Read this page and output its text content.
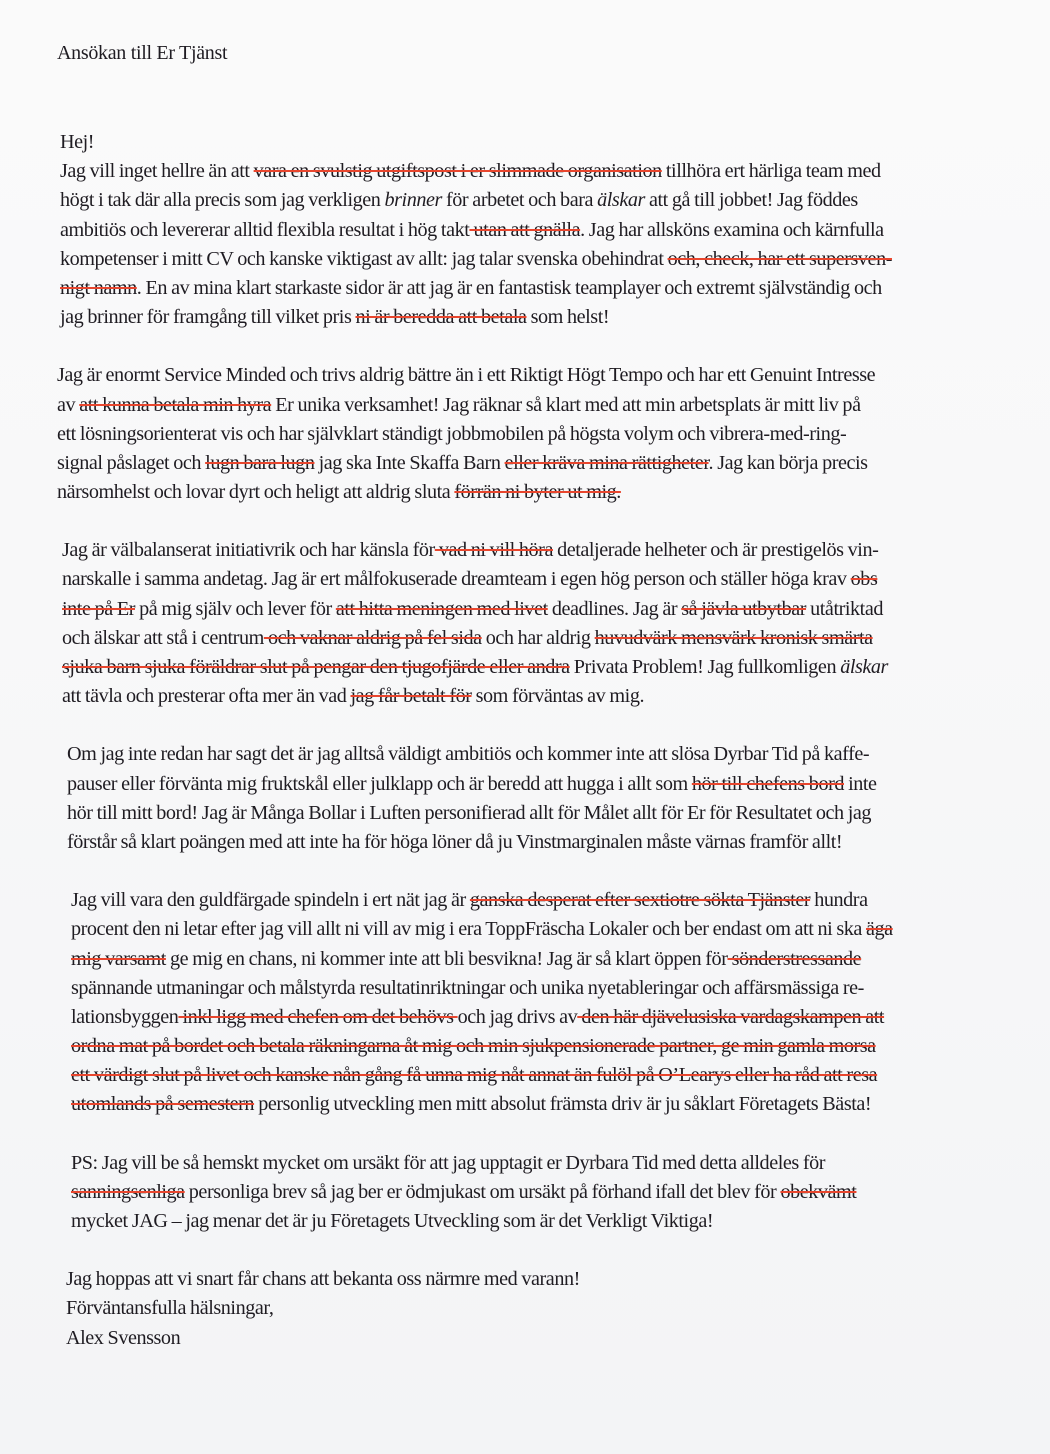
Ansökan till Er Tjänst
Hej!
Jag vill inget hellre än att vara en svulstig utgiftspost i er slimmade organisation tillhöra ert härliga team med
högt i tak där alla precis som jag verkligen brinner för arbetet och bara älskar att gå till jobbet! Jag föddes
ambitiös och levererar alltid flexibla resultat i hög takt utan att gnälla. Jag har allsköns examina och kärnfulla
kompetenser i mitt CV och kanske viktigast av allt: jag talar svenska obehindrat och, check, har ett supersven-
nigt namn. En av mina klart starkaste sidor är att jag är en fantastisk teamplayer och extremt självständig och
jag brinner för framgång till vilket pris ni är beredda att betala som helst!
Jag är enormt Service Minded och trivs aldrig bättre än i ett Riktigt Högt Tempo och har ett Genuint Intresse
av att kunna betala min hyra Er unika verksamhet! Jag räknar så klart med att min arbetsplats är mitt liv på
ett lösningsorienterat vis och har självklart ständigt jobbmobilen på högsta volym och vibrera-med-ring-
signal påslaget och lugn bara lugn jag ska Inte Skaffa Barn eller kräva mina rättigheter. Jag kan börja precis
närsomhelst och lovar dyrt och heligt att aldrig sluta förrän ni byter ut mig.
Jag är välbalanserat initiativrik och har känsla för vad ni vill höra detaljerade helheter och är prestigelös vin-
narskalle i samma andetag. Jag är ert målfokuserade dreamteam i egen hög person och ställer höga krav obs
inte på Er på mig själv och lever för att hitta meningen med livet deadlines. Jag är så jävla utbytbar utåtriktad
och älskar att stå i centrum och vaknar aldrig på fel sida och har aldrig huvudvärk mensvärk kronisk smärta
sjuka barn sjuka föräldrar slut på pengar den tjugofjärde eller andra Privata Problem! Jag fullkomligen älskar
att tävla och presterar ofta mer än vad jag får betalt för som förväntas av mig.
Om jag inte redan har sagt det är jag alltså väldigt ambitiös och kommer inte att slösa Dyrbar Tid på kaffe-
pauser eller förvänta mig fruktskål eller julklapp och är beredd att hugga i allt som hör till chefens bord inte
hör till mitt bord! Jag är Många Bollar i Luften personifierad allt för Målet allt för Er för Resultatet och jag
förstår så klart poängen med att inte ha för höga löner då ju Vinstmarginalen måste värnas framför allt!
Jag vill vara den guldfärgade spindeln i ert nät jag är ganska desperat efter sextiotre sökta Tjänster hundra
procent den ni letar efter jag vill allt ni vill av mig i era ToppFräscha Lokaler och ber endast om att ni ska äga
mig varsamt ge mig en chans, ni kommer inte att bli besvikna! Jag är så klart öppen för sönderstressande
spännande utmaningar och målstyrda resultatinriktningar och unika nyetableringar och affärsmässiga re-
lationsbyggen inkl ligg med chefen om det behövs och jag drivs av den här djävelusiska vardagskampen att
ordna mat på bordet och betala räkningarna åt mig och min sjukpensionerade partner, ge min gamla morsa
ett värdigt slut på livet och kanske nån gång få unna mig nåt annat än fulöl på O’Learys eller ha råd att resa
utomlands på semestern personlig utveckling men mitt absolut främsta driv är ju såklart Företagets Bästa!
PS: Jag vill be så hemskt mycket om ursäkt för att jag upptagit er Dyrbara Tid med detta alldeles för
sanningsenliga personliga brev så jag ber er ödmjukast om ursäkt på förhand ifall det blev för obekvämt
mycket JAG – jag menar det är ju Företagets Utveckling som är det Verkligt Viktiga!
Jag hoppas att vi snart får chans att bekanta oss närmre med varann!
Förväntansfulla hälsningar,
Alex Svensson
